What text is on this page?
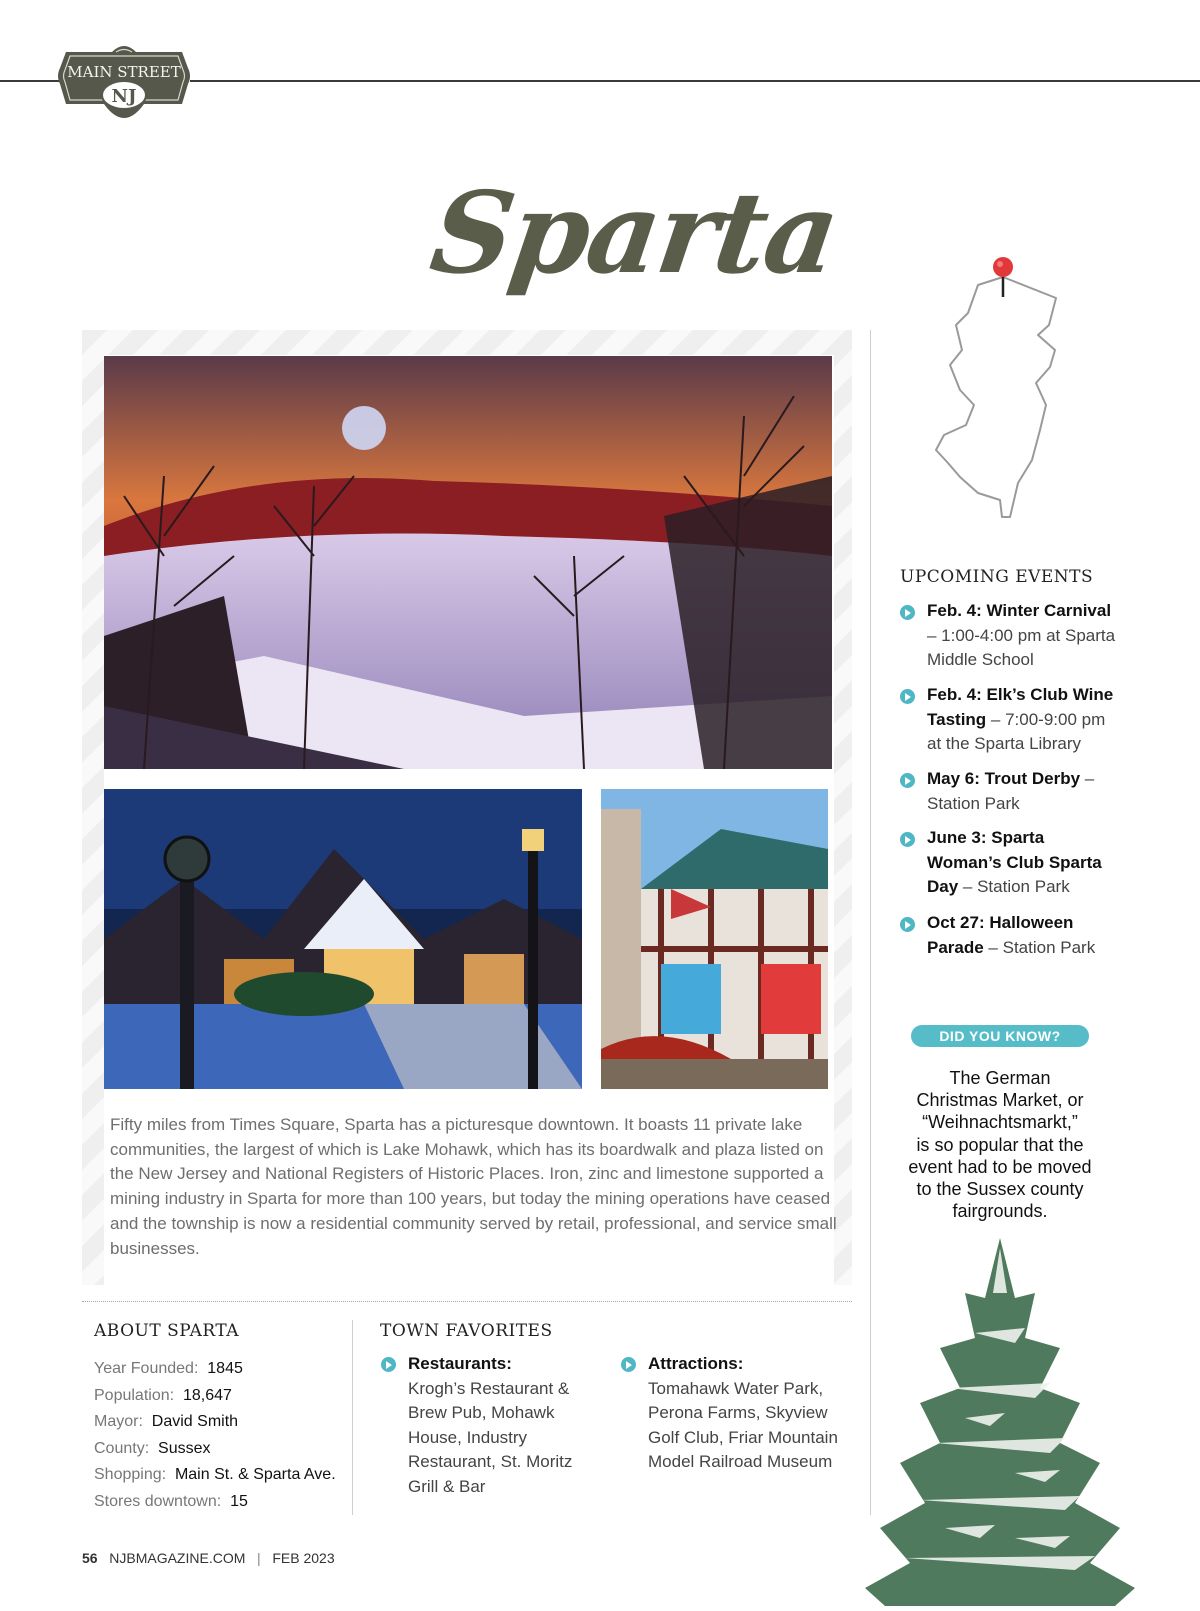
MAIN STREET
NJ
Sparta

Fifty miles from Times Square, Sparta has a picturesque downtown. It boasts 11 private lake communities, the largest of which is Lake Mohawk, which has its boardwalk and plaza listed on the New Jersey and National Registers of Historic Places. Iron, zinc and limestone supported a mining industry in Sparta for more than 100 years, but today the mining operations have ceased and the township is now a residential community served by retail, professional, and service small businesses.

ABOUT SPARTA
Year Founded: 1845
Population: 18,647
Mayor: David Smith
County: Sussex
Shopping: Main St. & Sparta Ave.
Stores downtown: 15
TOWN FAVORITES
Restaurants:
Krogh’s Restaurant &
Brew Pub, Mohawk
House, Industry
Restaurant, St. Moritz
Grill & Bar
Attractions:
Tomahawk Water Park,
Perona Farms, Skyview
Golf Club, Friar Mountain
Model Railroad Museum
UPCOMING EVENTS
Feb. 4: Winter Carnival
– 1:00-4:00 pm at Sparta
Middle School
Feb. 4: Elk’s Club Wine
Tasting – 7:00-9:00 pm
at the Sparta Library
May 6: Trout Derby –
Station Park
June 3: Sparta
Woman’s Club Sparta
Day – Station Park
Oct 27: Halloween
Parade – Station Park
DID YOU KNOW?
The German
Christmas Market, or
“Weihnachtsmarkt,”
is so popular that the
event had to be moved
to the Sussex county
fairgrounds.
56 NJBMAGAZINE.COM | FEB 2023
